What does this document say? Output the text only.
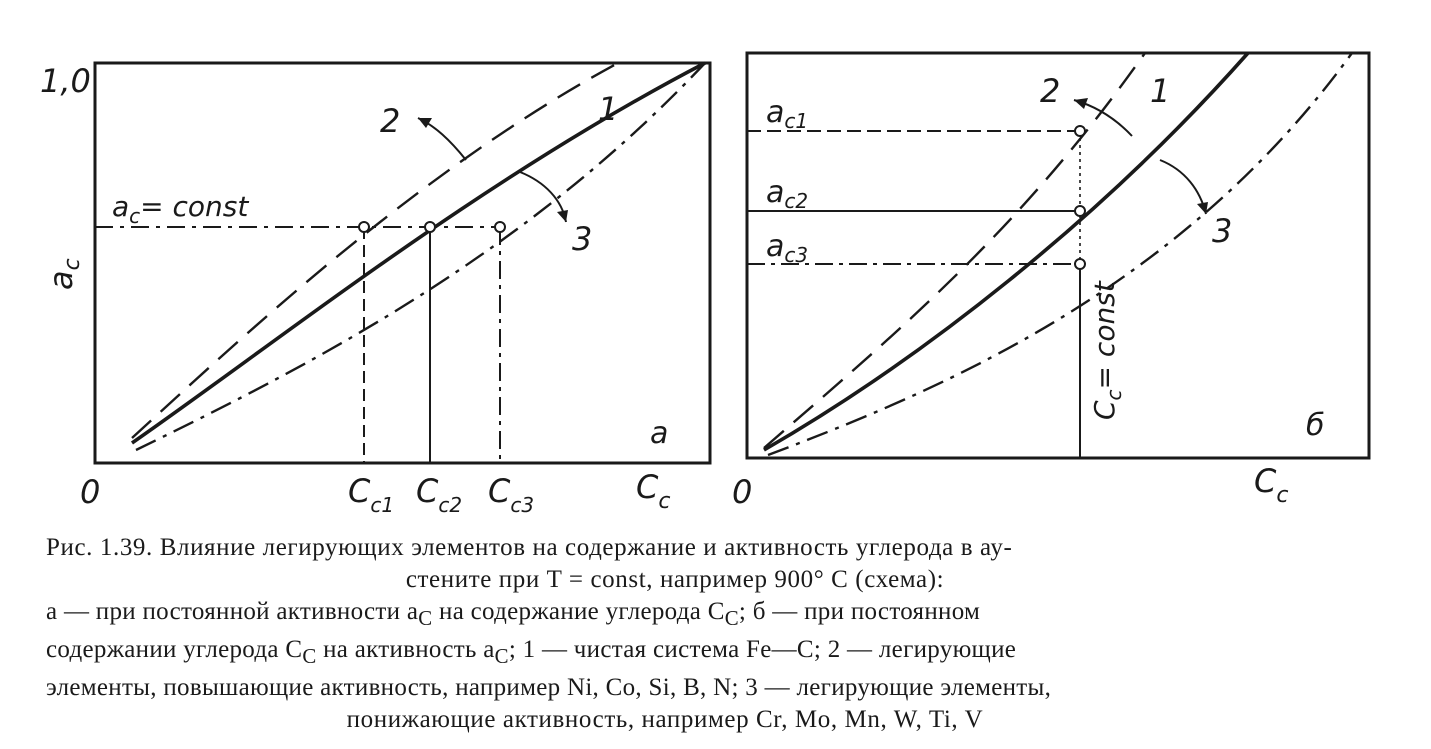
1,0
$a_c$
0	$C_c$
а
$a_c=$ const
1
2
3
$C_{c1}$ $C_{c2}$ $C_{c3}$	0	$C_c$
б
$C_c=$ const
1
2
3
$a_{c1}$
$a_{c2}$
$a_{c3}$
Рис. 1.39. Влияние легирующих элементов на содержание и активность углерода в ау-
стените при T = const, например 900° С (схема):
а — при постоянной активности $a_C$ на содержание углерода $C_C$; б — при постоянном
содержании углерода $C_C$ на активность $a_C$; 1 — чистая система Fe—C; 2 — легирующие
элементы, повышающие активность, например Ni, Co, Si, B, N; 3 — легирующие элементы,
понижающие активность, например Cr, Mo, Mn, W, Ti, V
